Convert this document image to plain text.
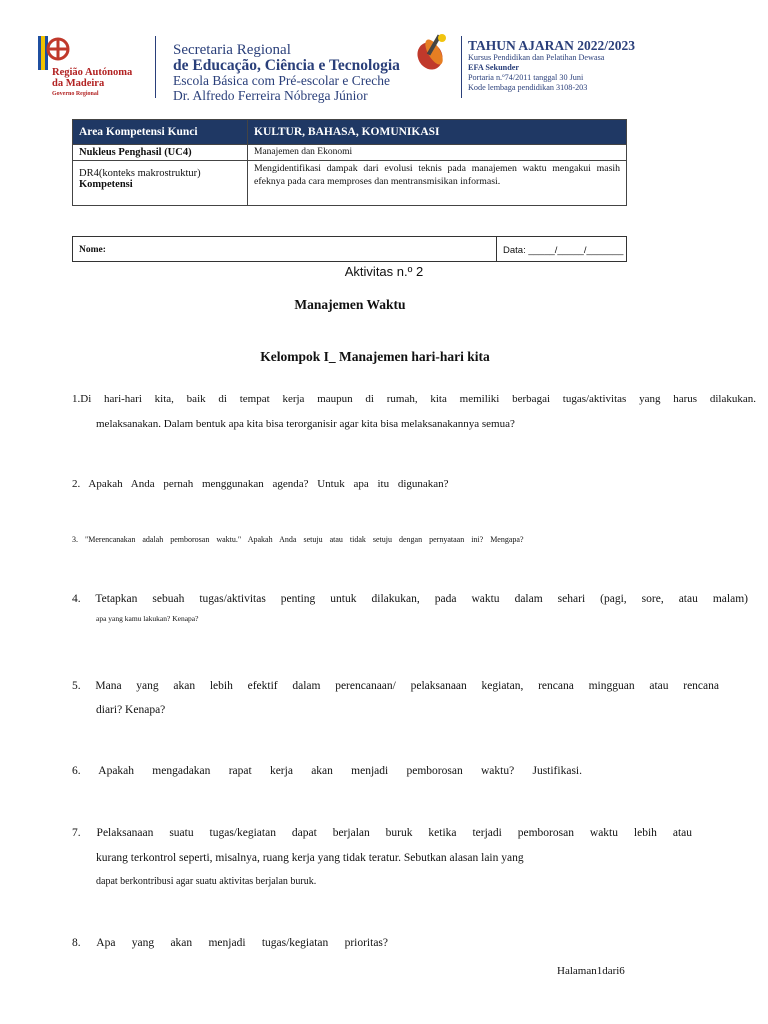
Região Autónoma
da Madeira
Governo Regional
Secretaria Regional
de Educação, Ciência e Tecnologia
Escola Básica com Pré-escolar e Creche
Dr. Alfredo Ferreira Nóbrega Júnior
TAHUN AJARAN 2022/2023
Kursus Pendidikan dan Pelatihan Dewasa
EFA Sekunder
Portaria n.º74/2011 tanggal 30 Juni
Kode lembaga pendidikan 3108-203
Area Kompetensi Kunci	KULTUR, BAHASA, KOMUNIKASI
Nukleus Penghasil (UC4)	Manajemen dan Ekonomi

DR4(konteks makrostruktur)
Kompetensi	Mengidentifikasi dampak dari evolusi teknis pada manajemen waktu mengakui masih efeknya pada cara memproses dan mentransmisikan informasi.
Nome:	Data: _____/_____/_______
Aktivitas n.º 2
Manajemen Waktu
Kelompok I_ Manajemen hari-hari kita
1.Di hari-hari kita, baik di tempat kerja maupun di rumah, kita memiliki berbagai tugas/aktivitas yang harus dilakukan.
melaksanakan. Dalam bentuk apa kita bisa terorganisir agar kita bisa melaksanakannya semua?
2. Apakah Anda pernah menggunakan agenda? Untuk apa itu digunakan?
3. "Merencanakan adalah pemborosan waktu." Apakah Anda setuju atau tidak setuju dengan pernyataan ini? Mengapa?
4. Tetapkan sebuah tugas/aktivitas penting untuk dilakukan, pada waktu dalam sehari (pagi, sore, atau malam)
apa yang kamu lakukan? Kenapa?
5. Mana yang akan lebih efektif dalam perencanaan/ pelaksanaan kegiatan, rencana mingguan atau rencana
diari? Kenapa?
6. Apakah mengadakan rapat kerja akan menjadi pemborosan waktu? Justifikasi.
7. Pelaksanaan suatu tugas/kegiatan dapat berjalan buruk ketika terjadi pemborosan waktu lebih atau
kurang terkontrol seperti, misalnya, ruang kerja yang tidak teratur. Sebutkan alasan lain yang
dapat berkontribusi agar suatu aktivitas berjalan buruk.
8. Apa yang akan menjadi tugas/kegiatan prioritas?
Halaman1dari6
